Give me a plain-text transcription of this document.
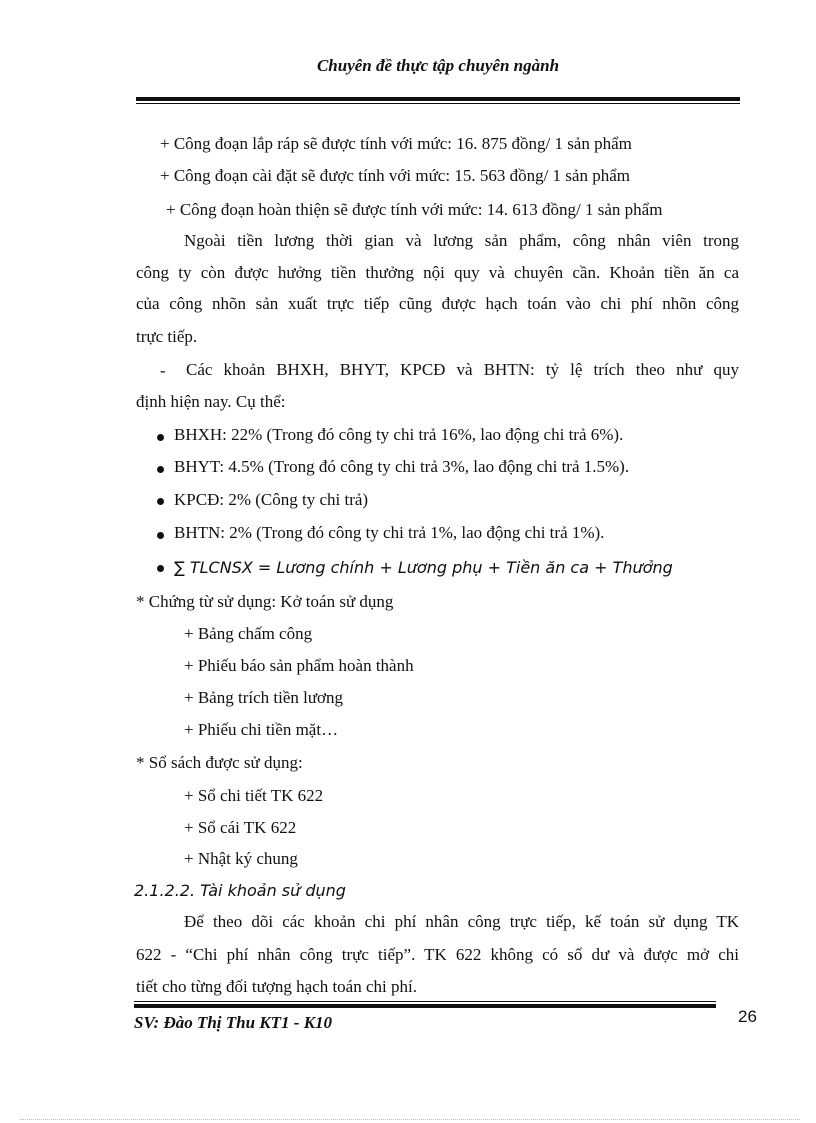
Chuyên đề thực tập chuyên ngành
+ Công đoạn lắp ráp sẽ được tính với mức: 16. 875 đồng/ 1 sản phẩm
+ Công đoạn cài đặt sẽ được tính với mức: 15. 563 đồng/ 1 sản phẩm
+ Công đoạn hoàn thiện sẽ được tính với mức: 14. 613 đồng/ 1 sản phẩm
Ngoài tiền lương thời gian và lương sản phẩm, công nhân viên trong
công ty còn được hưởng tiền thưởng nội quy và chuyên cần. Khoản tiền ăn ca
của công nhõn sản xuất trực tiếp cũng được hạch toán vào chi phí nhõn công
trực tiếp.
- Các khoản BHXH, BHYT, KPCĐ và BHTN: tỷ lệ trích theo như quy
định hiện nay. Cụ thể:
BHXH: 22% (Trong đó công ty chi trả 16%, lao động chi trả 6%).
BHYT: 4.5% (Trong đó công ty chi trả 3%, lao động chi trả 1.5%).
KPCĐ: 2% (Công ty chi trả)
BHTN: 2% (Trong đó công ty chi trả 1%, lao động chi trả 1%).
∑ TLCNSX = Lương chính + Lương phụ + Tiền ăn ca + Thưởng
* Chứng từ sử dụng: Kở toán sử dụng
+ Bảng chấm công
+ Phiếu báo sản phẩm hoàn thành
+ Bảng trích tiền lương
+ Phiếu chi tiền mặt…
* Sổ sách được sử dụng:
+ Sổ chi tiết TK 622
+ Sổ cái TK 622
+ Nhật ký chung
2.1.2.2. Tài khoản sử dụng
Để theo dõi các khoản chi phí nhân công trực tiếp, kế toán sử dụng TK
622 - “Chi phí nhân công trực tiếp”. TK 622 không có số dư và được mở chi
tiết cho từng đối tượng hạch toán chi phí.
SV: Đào Thị Thu KT1 - K10	26
